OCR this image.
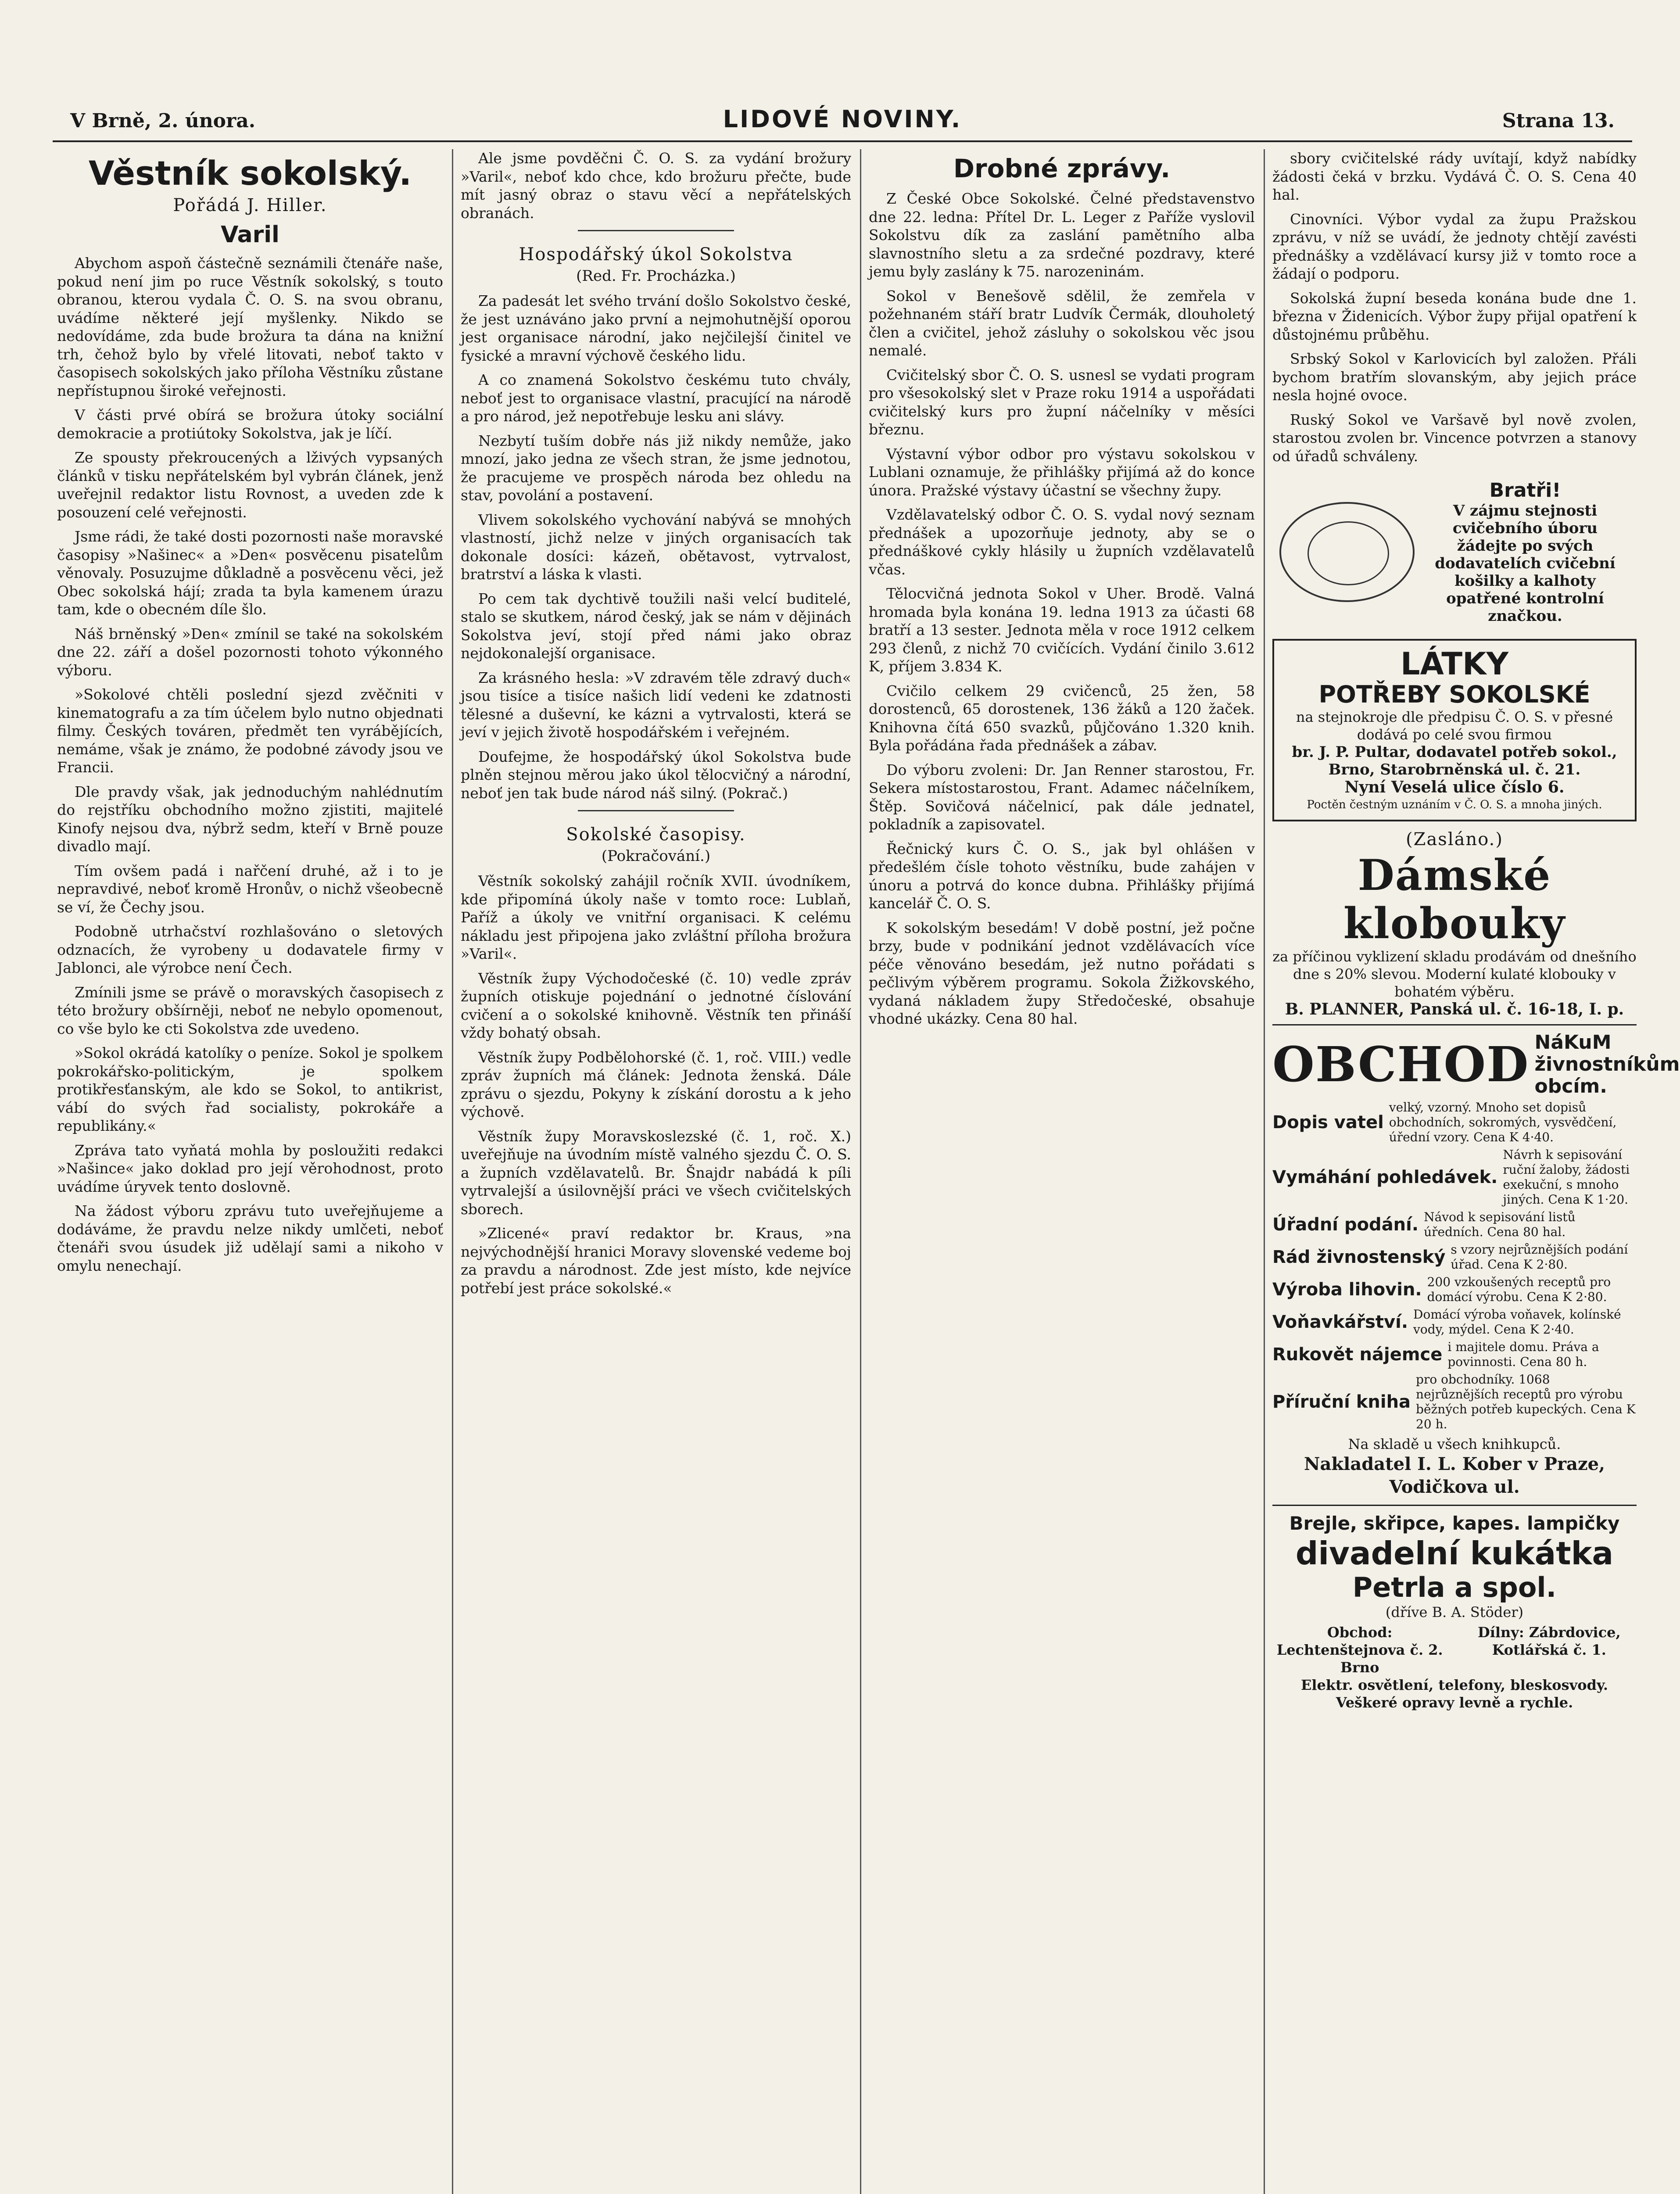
V Brně, 2. února.	LIDOVÉ NOVINY.	Strana 13.
Věstník sokolský.
Pořádá J. Hiller.
Varil

Abychom aspoň částečně seznámili čtenáře naše, pokud není jim po ruce Věstník sokolský, s touto obranou, kterou vydala Č. O. S. na svou obranu, uvádíme některé její myšlenky. Nikdo se nedovídáme, zda bude brožura ta dána na knižní trh, čehož bylo by vřelé litovati, neboť takto v časopisech sokolských jako příloha Věstníku zůstane nepřístupnou široké veřejnosti.

V části prvé obírá se brožura útoky sociální demokracie a protiútoky Sokolstva, jak je líčí.

Ze spousty překroucených a lživých vypsaných článků v tisku nepřátelském byl vybrán článek, jenž uveřejnil redaktor listu Rovnost, a uveden zde k posouzení celé veřejnosti.

Jsme rádi, že také dosti pozornosti naše moravské časopisy »Našinec« a »Den« posvěcenu pisatelům věnovaly. Posuzujme důkladně a posvěcenu věci, jež Obec sokolská hájí; zrada ta byla kamenem úrazu tam, kde o obecném díle šlo.

Náš brněnský »Den« zmínil se také na sokolském dne 22. září a došel pozornosti tohoto výkonného výboru.

»Sokolové chtěli poslední sjezd zvěčniti v kinematografu a za tím účelem bylo nutno objednati filmy. Českých továren, předmět ten vyrábějících, nemáme, však je známo, že podobné závody jsou ve Francii.

Dle pravdy však, jak jednoduchým nahlédnutím do rejstříku obchodního možno zjistiti, majitelé Kinofy nejsou dva, nýbrž sedm, kteří v Brně pouze divadlo mají.

Tím ovšem padá i nařčení druhé, až i to je nepravdivé, neboť kromě Hronův, o nichž všeobecně se ví, že Čechy jsou.

Podobně utrhačství rozhlašováno o sletových odznacích, že vyrobeny u dodavatele firmy v Jablonci, ale výrobce není Čech.

Zmínili jsme se právě o moravských časopisech z této brožury obšírněji, neboť ne nebylo opomenout, co vše bylo ke cti Sokolstva zde uvedeno.

»Sokol okrádá katolíky o peníze. Sokol je spolkem pokrokářsko-politickým, je spolkem protikřesťanským, ale kdo se Sokol, to antikrist, vábí do svých řad socialisty, pokrokáře a republikány.«

Zpráva tato vyňatá mohla by posloužiti redakci »Našince« jako doklad pro její věrohodnost, proto uvádíme úryvek tento doslovně.

Na žádost výboru zprávu tuto uveřejňujeme a dodáváme, že pravdu nelze nikdy umlčeti, neboť čtenáři svou úsudek již udělají sami a nikoho v omylu nenechají.

Ale jsme povděčni Č. O. S. za vydání brožury »Varil«, neboť kdo chce, kdo brožuru přečte, bude mít jasný obraz o stavu věcí a nepřátelských obranách.

Hospodářský úkol Sokolstva
(Red. Fr. Procházka.)

Za padesát let svého trvání došlo Sokolstvo české, že jest uznáváno jako první a nejmohutnější oporou jest organisace národní, jako nejčilejší činitel ve fysické a mravní výchově českého lidu.

A co znamená Sokolstvo českému tuto chvály, neboť jest to organisace vlastní, pracující na národě a pro národ, jež nepotřebuje lesku ani slávy.

Nezbytí tuším dobře nás již nikdy nemůže, jako mnozí, jako jedna ze všech stran, že jsme jednotou, že pracujeme ve prospěch národa bez ohledu na stav, povolání a postavení.

Vlivem sokolského vychování nabývá se mnohých vlastností, jichž nelze v jiných organisacích tak dokonale dosíci: kázeň, obětavost, vytrvalost, bratrství a láska k vlasti.

Po cem tak dychtivě toužili naši velcí buditelé, stalo se skutkem, národ český, jak se nám v dějinách Sokolstva jeví, stojí před námi jako obraz nejdokonalejší organisace.

Za krásného hesla: »V zdravém těle zdravý duch« jsou tisíce a tisíce našich lidí vedeni ke zdatnosti tělesné a duševní, ke kázni a vytrvalosti, která se jeví v jejich životě hospodářském i veřejném.

Doufejme, že hospodářský úkol Sokolstva bude plněn stejnou měrou jako úkol tělocvičný a národní, neboť jen tak bude národ náš silný. (Pokrač.)

Sokolské časopisy.
(Pokračování.)

Věstník sokolský zahájil ročník XVII. úvodníkem, kde připomíná úkoly naše v tomto roce: Lublaň, Paříž a úkoly ve vnitřní organisaci. K celému nákladu jest připojena jako zvláštní příloha brožura »Varil«.

Věstník župy Východočeské (č. 10) vedle zpráv župních otiskuje pojednání o jednotné číslování cvičení a o sokolské knihovně. Věstník ten přináší vždy bohatý obsah.

Věstník župy Podbělohorské (č. 1, roč. VIII.) vedle zpráv župních má článek: Jednota ženská. Dále zprávu o sjezdu, Pokyny k získání dorostu a k jeho výchově.

Věstník župy Moravskoslezské (č. 1, roč. X.) uveřejňuje na úvodním místě valného sjezdu Č. O. S. a župních vzdělavatelů. Br. Šnajdr nabádá k píli vytrvalejší a úsilovnější práci ve všech cvičitelských sborech.

»Zlicené« praví redaktor br. Kraus, »na nejvýchodnější hranici Moravy slovenské vedeme boj za pravdu a národnost. Zde jest místo, kde nejvíce potřebí jest práce sokolské.«

Drobné zprávy.

Z České Obce Sokolské. Čelné představenstvo dne 22. ledna: Přítel Dr. L. Leger z Paříže vyslovil Sokolstvu dík za zaslání pamětního alba slavnostního sletu a za srdečné pozdravy, které jemu byly zaslány k 75. narozeninám.

Sokol v Benešově sdělil, že zemřela v požehnaném stáří bratr Ludvík Čermák, dlouholetý člen a cvičitel, jehož zásluhy o sokolskou věc jsou nemalé.

Cvičitelský sbor Č. O. S. usnesl se vydati program pro všesokolský slet v Praze roku 1914 a uspořádati cvičitelský kurs pro župní náčelníky v měsíci březnu.

Výstavní výbor odbor pro výstavu sokolskou v Lublani oznamuje, že přihlášky přijímá až do konce února. Pražské výstavy účastní se všechny župy.

Vzdělavatelský odbor Č. O. S. vydal nový seznam přednášek a upozorňuje jednoty, aby se o přednáškové cykly hlásily u župních vzdělavatelů včas.

Tělocvičná jednota Sokol v Uher. Brodě. Valná hromada byla konána 19. ledna 1913 za účasti 68 bratří a 13 sester. Jednota měla v roce 1912 celkem 293 členů, z nichž 70 cvičících. Vydání činilo 3.612 K, příjem 3.834 K.

Cvičilo celkem 29 cvičenců, 25 žen, 58 dorostenců, 65 dorostenek, 136 žáků a 120 žaček. Knihovna čítá 650 svazků, půjčováno 1.320 knih. Byla pořádána řada přednášek a zábav.

Do výboru zvoleni: Dr. Jan Renner starostou, Fr. Sekera místostarostou, Frant. Adamec náčelníkem, Štěp. Sovičová náčelnicí, pak dále jednatel, pokladník a zapisovatel.

Řečnický kurs Č. O. S., jak byl ohlášen v předešlém čísle tohoto věstníku, bude zahájen v únoru a potrvá do konce dubna. Přihlášky přijímá kancelář Č. O. S.

K sokolským besedám! V době postní, jež počne brzy, bude v podnikání jednot vzdělávacích více péče věnováno besedám, jež nutno pořádati s pečlivým výběrem programu. Sokola Žižkovského, vydaná nákladem župy Středočeské, obsahuje vhodné ukázky. Cena 80 hal.

sbory cvičitelské rády uvítají, když nabídky žádosti čeká v brzku. Vydává Č. O. S. Cena 40 hal.

Cinovníci. Výbor vydal za župu Pražskou zprávu, v níž se uvádí, že jednoty chtějí zavésti přednášky a vzdělávací kursy již v tomto roce a žádají o podporu.

Sokolská župní beseda konána bude dne 1. března v Židenicích. Výbor župy přijal opatření k důstojnému průběhu.

Srbský Sokol v Karlovicích byl založen. Přáli bychom bratřím slovanským, aby jejich práce nesla hojné ovoce.

Ruský Sokol ve Varšavě byl nově zvolen, starostou zvolen br. Vincence potvrzen a stanovy od úřadů schváleny.

Bratři!
V zájmu stejnosti cvičebního úboru žádejte po svých dodavatelích cvičební košilky a kalhoty opatřené kontrolní značkou.
LÁTKY
POTŘEBY SOKOLSKÉ
na stejnokroje dle předpisu Č. O. S. v přesné dodává po celé svou firmou
br. J. P. Pultar, dodavatel potřeb sokol., Brno, Starobrněnská ul. č. 21.
Nyní Veselá ulice číslo 6.
Poctěn čestným uznáním v Č. O. S. a mnoha jiných.
(Zasláno.)
Dámské klobouky
za příčinou vyklizení skladu prodávám od dnešního dne s 20% slevou. Moderní kulaté klobouky v bohatém výběru.
B. PLANNER, Panská ul. č. 16-18, I. p.
OBCHOD NáKuM živnostníkům obcím.
Dopis vatel
velký, vzorný. Mnoho set dopisů obchodních, sokromých, vysvědčení, úřední vzory. Cena K 4·40.
Vymáhání pohledávek.
Návrh k sepisování ruční žaloby, žádosti exekuční, s mnoho jiných. Cena K 1·20.
Úřadní podání. Návod k sepisování listů úředních. Cena 80 hal.
Rád živnostenský s vzory nejrůznějších podání úřad. Cena K 2·80.
Výroba lihovin. 200 vzkoušených receptů pro domácí výrobu. Cena K 2·80.
Voňavkářství. Domácí výroba voňavek, kolínské vody, mýdel. Cena K 2·40.
Rukovět nájemce i majitele domu. Práva a povinnosti. Cena 80 h.
Příruční kniha
pro obchodníky. 1068 nejrůznějších receptů pro výrobu běžných potřeb kupeckých. Cena K 20 h.
Na skladě u všech knihkupců.
Nakladatel I. L. Kober v Praze, Vodičkova ul.
Brejle, skřipce, kapes. lampičky
divadelní kukátka
Petrla a spol.
(dříve B. A. Stöder)
Obchod: Lechtenštejnova č. 2. Brno
Dílny: Zábrdovice, Kotlářská č. 1.
Elektr. osvětlení, telefony, bleskosvody. Veškeré opravy levně a rychle.
